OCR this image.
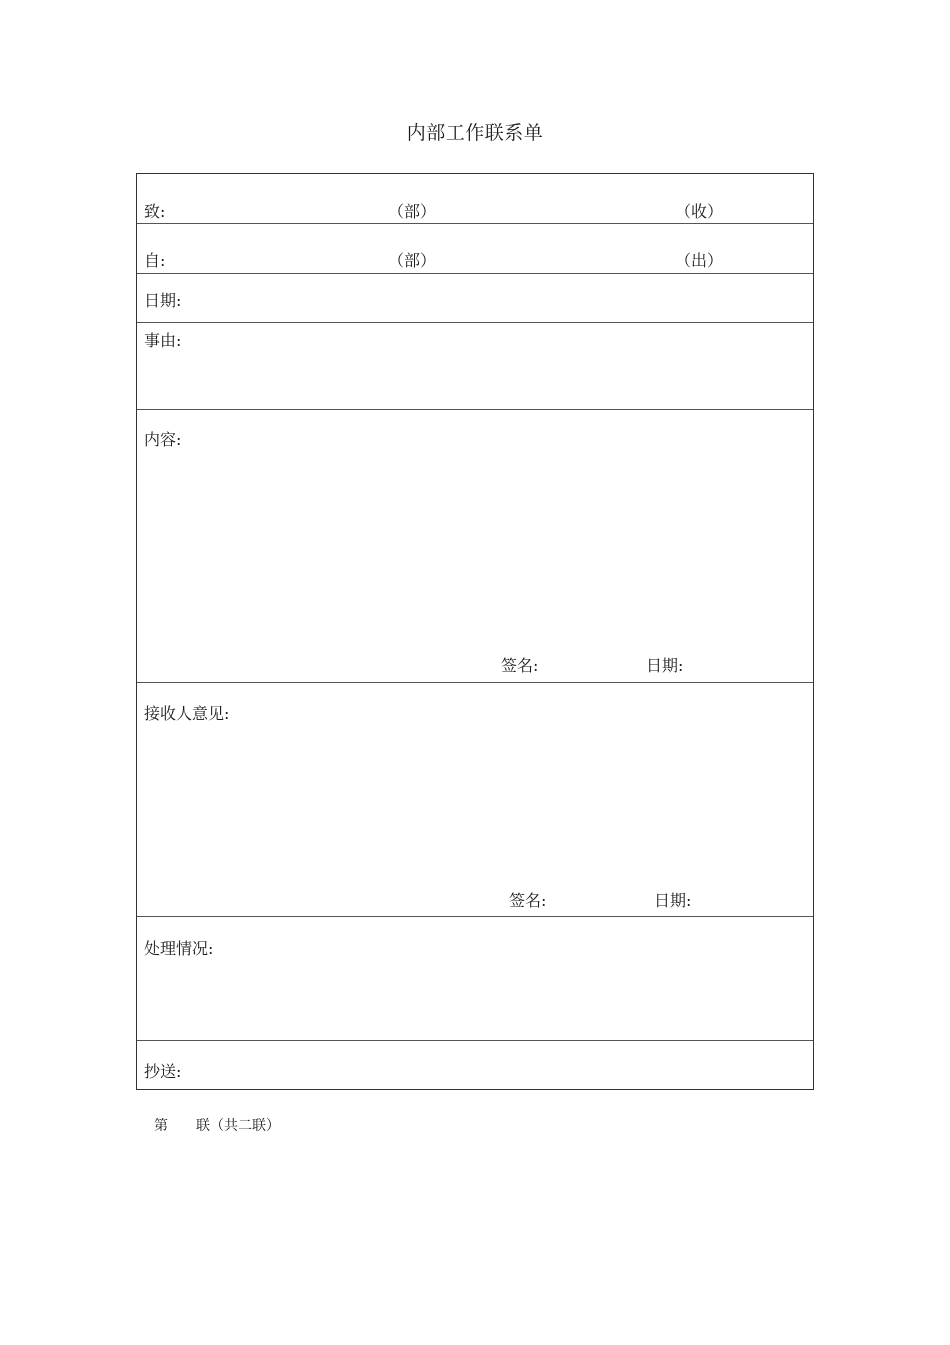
内部工作联系单
致:	（部）	（收）
自:	（部）	（出）
日期:
事由:
内容:
签名:	日期:
接收人意见:
签名:	日期:
处理情况:
抄送:
第 联（共二联）
